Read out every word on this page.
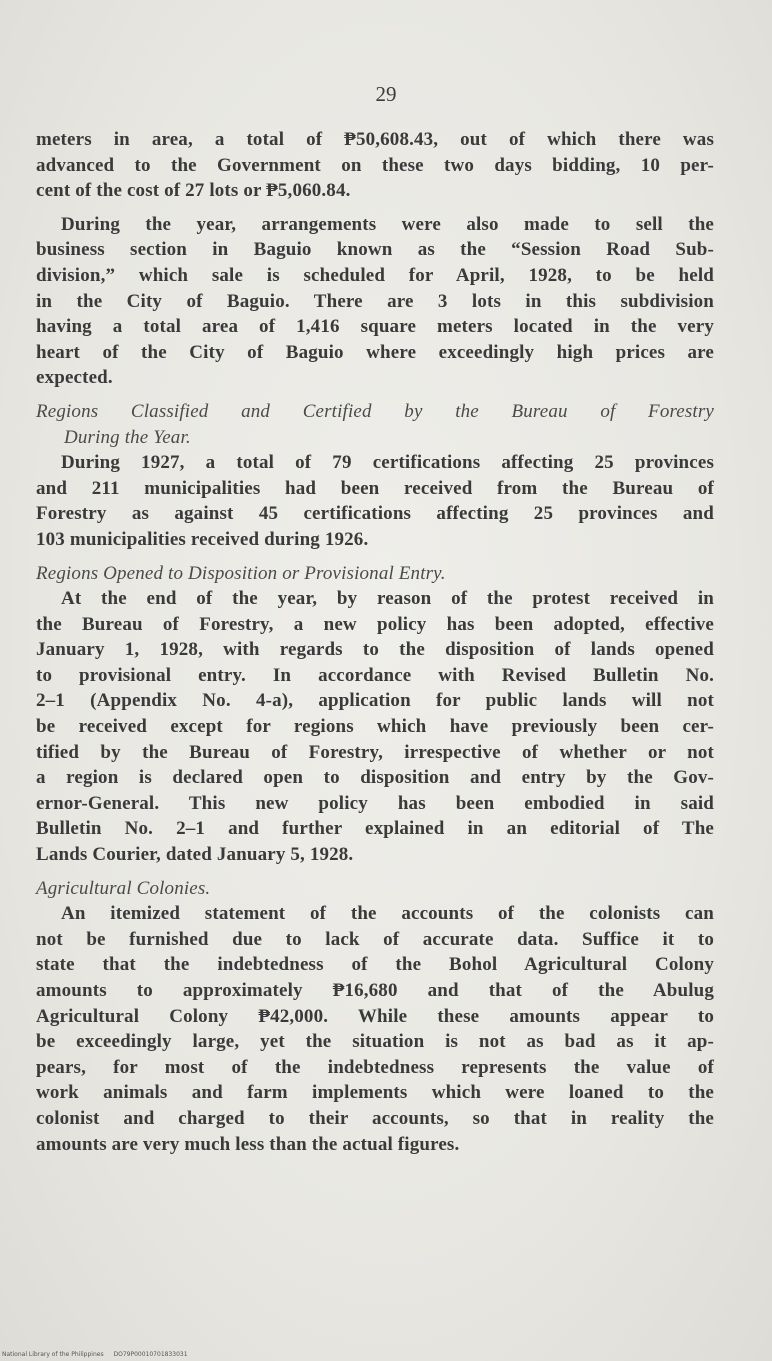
29
meters in area, a total of ₱50,608.43, out of which there was
advanced to the Government on these two days bidding, 10 per-
cent of the cost of 27 lots or ₱5,060.84.
During the year, arrangements were also made to sell the
business section in Baguio known as the “Session Road Sub-
division,” which sale is scheduled for April, 1928, to be held
in the City of Baguio. There are 3 lots in this subdivision
having a total area of 1,416 square meters located in the very
heart of the City of Baguio where exceedingly high prices are
expected.
Regions Classified and Certified by the Bureau of Forestry
During the Year.
During 1927, a total of 79 certifications affecting 25 provinces
and 211 municipalities had been received from the Bureau of
Forestry as against 45 certifications affecting 25 provinces and
103 municipalities received during 1926.
Regions Opened to Disposition or Provisional Entry.
At the end of the year, by reason of the protest received in
the Bureau of Forestry, a new policy has been adopted, effective
January 1, 1928, with regards to the disposition of lands opened
to provisional entry. In accordance with Revised Bulletin No.
2–1 (Appendix No. 4-a), application for public lands will not
be received except for regions which have previously been cer-
tified by the Bureau of Forestry, irrespective of whether or not
a region is declared open to disposition and entry by the Gov-
ernor-General. This new policy has been embodied in said
Bulletin No. 2–1 and further explained in an editorial of The
Lands Courier, dated January 5, 1928.
Agricultural Colonies.
An itemized statement of the accounts of the colonists can
not be furnished due to lack of accurate data. Suffice it to
state that the indebtedness of the Bohol Agricultural Colony
amounts to approximately ₱16,680 and that of the Abulug
Agricultural Colony ₱42,000. While these amounts appear to
be exceedingly large, yet the situation is not as bad as it ap-
pears, for most of the indebtedness represents the value of
work animals and farm implements which were loaned to the
colonist and charged to their accounts, so that in reality the
amounts are very much less than the actual figures.
National Library of the Philippines DO79P00010701833031
